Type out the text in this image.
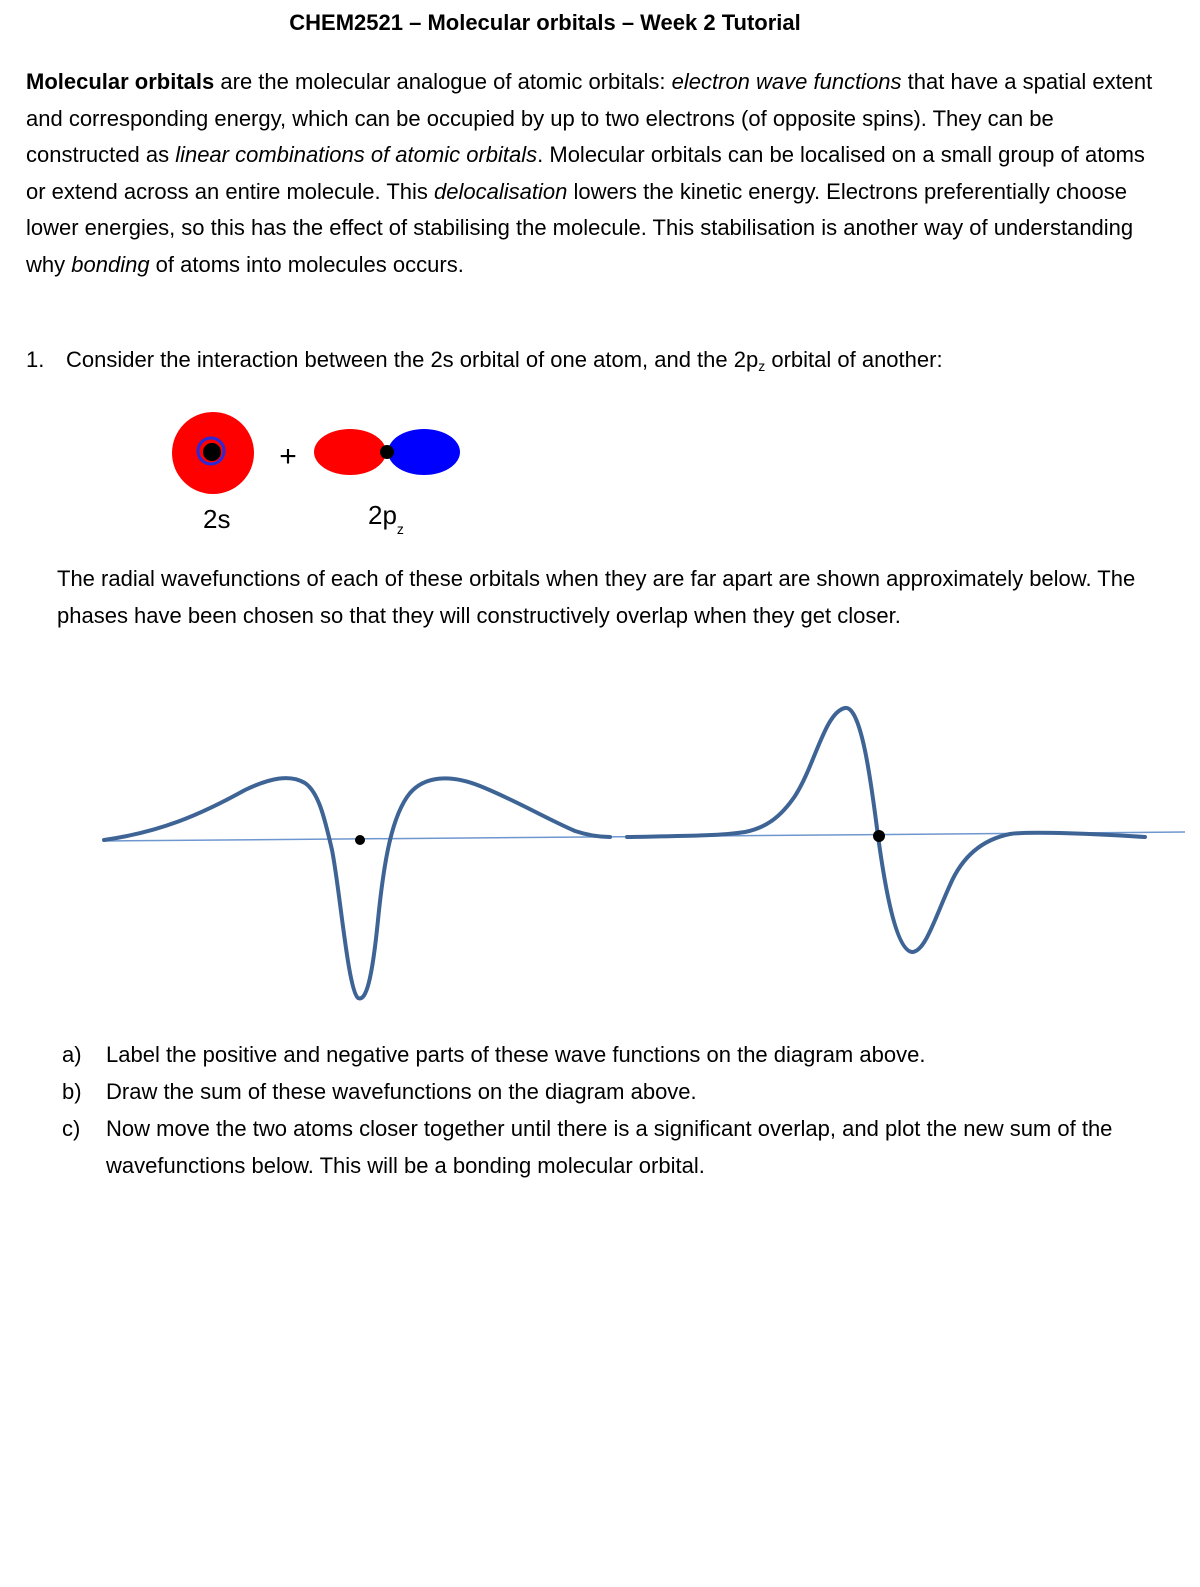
CHEM2521 – Molecular orbitals – Week 2 Tutorial
Molecular orbitals are the molecular analogue of atomic orbitals: electron wave functions that have a spatial extent and corresponding energy, which can be occupied by up to two electrons (of opposite spins). They can be constructed as linear combinations of atomic orbitals. Molecular orbitals can be localised on a small group of atoms or extend across an entire molecule. This delocalisation lowers the kinetic energy. Electrons preferentially choose lower energies, so this has the effect of stabilising the molecule. This stabilisation is another way of understanding why bonding of atoms into molecules occurs.
1. Consider the interaction between the 2s orbital of one atom, and the $2p_z$ orbital of another:
+
2s	$2p_z$
The radial wavefunctions of each of these orbitals when they are far apart are shown approximately below. The phases have been chosen so that they will constructively overlap when they get closer.
a) Label the positive and negative parts of these wave functions on the diagram above.
b) Draw the sum of these wavefunctions on the diagram above.
c) Now move the two atoms closer together until there is a significant overlap, and plot the new sum of the wavefunctions below. This will be a bonding molecular orbital.
